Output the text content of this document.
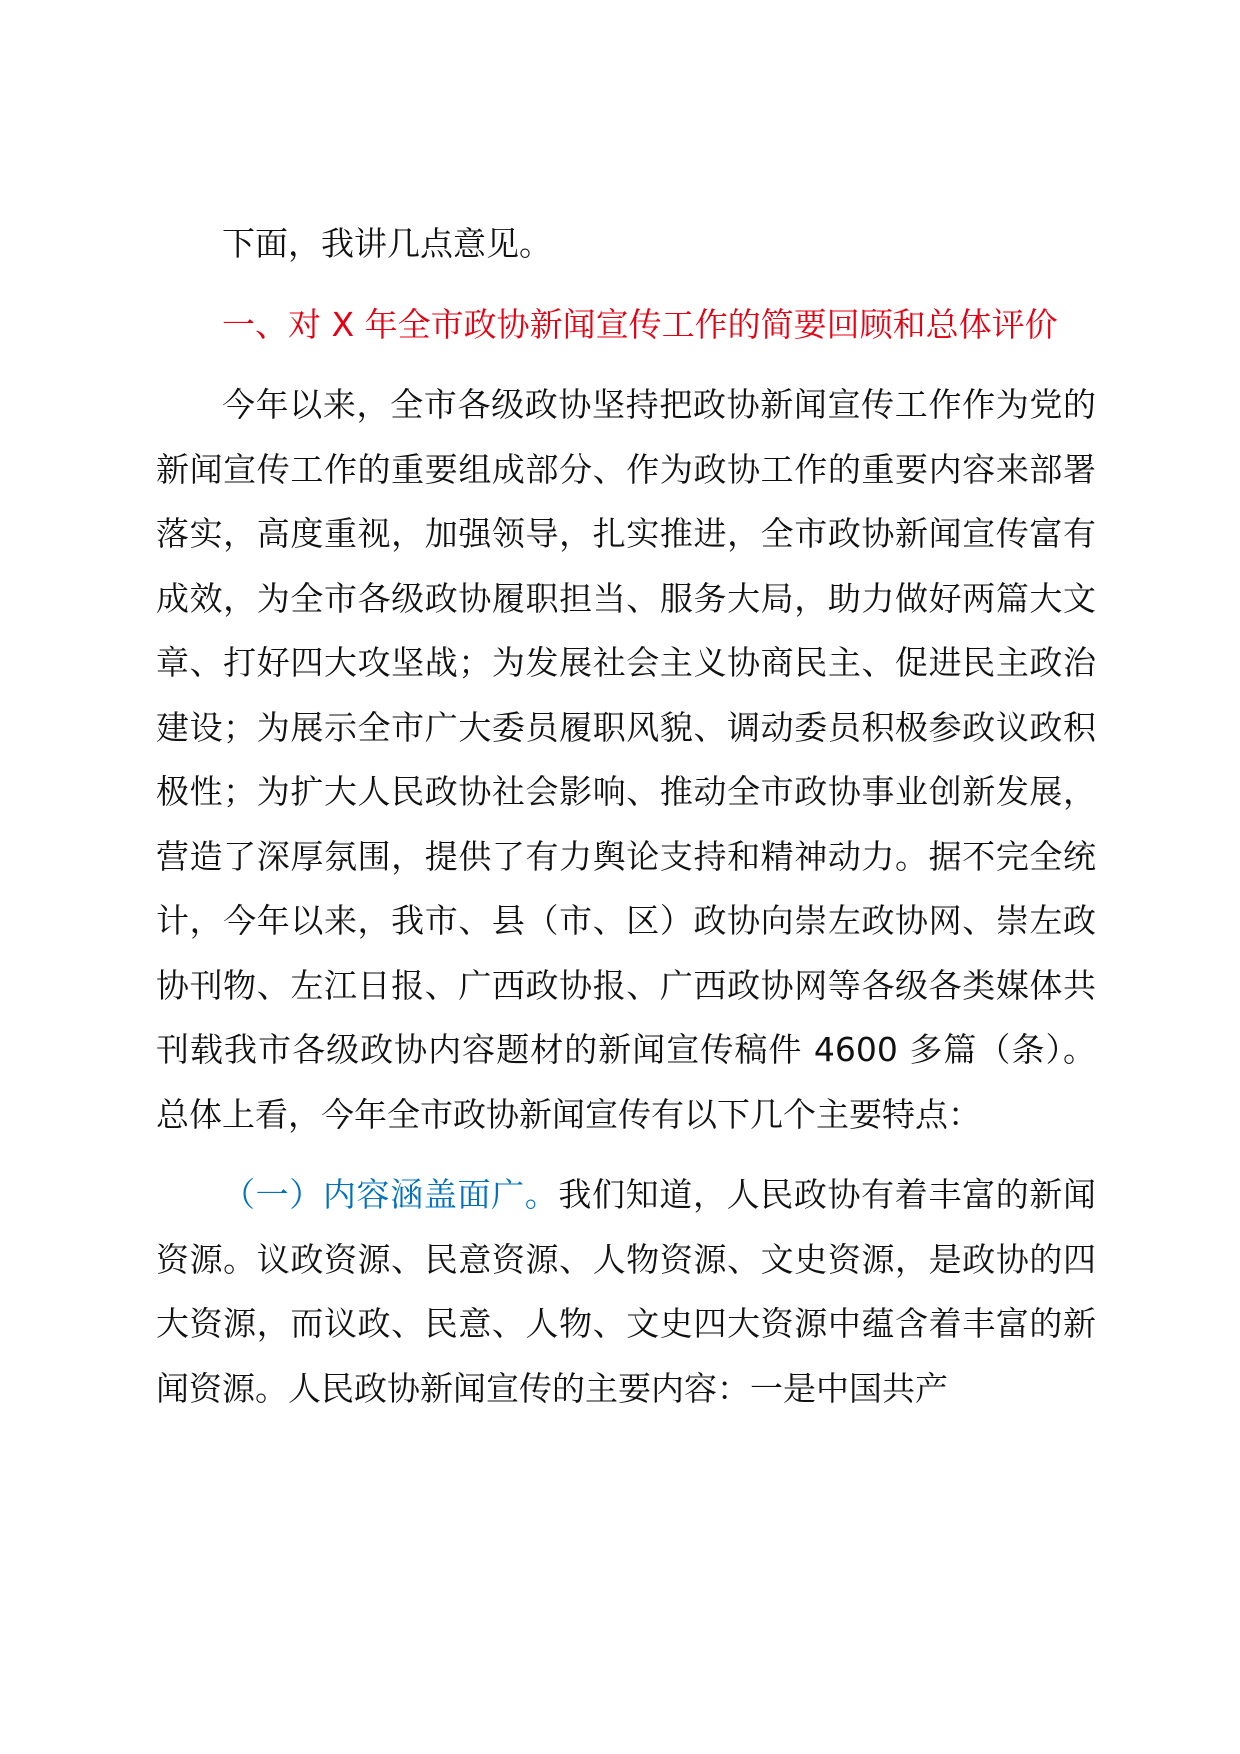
下面，我讲几点意见。

一、对 X 年全市政协新闻宣传工作的简要回顾和总体评价

今年以来，全市各级政协坚持把政协新闻宣传工作作为党的新闻宣传工作的重要组成部分、作为政协工作的重要内容来部署落实，高度重视，加强领导，扎实推进，全市政协新闻宣传富有成效，为全市各级政协履职担当、服务大局，助力做好两篇大文章、打好四大攻坚战；为发展社会主义协商民主、促进民主政治建设；为展示全市广大委员履职风貌、调动委员积极参政议政积极性；为扩大人民政协社会影响、推动全市政协事业创新发展，营造了深厚氛围，提供了有力舆论支持和精神动力。据不完全统计，今年以来，我市、县（市、区）政协向崇左政协网、崇左政协刊物、左江日报、广西政协报、广西政协网等各级各类媒体共刊载我市各级政协内容题材的新闻宣传稿件 4600 多篇（条）。总体上看，今年全市政协新闻宣传有以下几个主要特点：

（一）内容涵盖面广。我们知道，人民政协有着丰富的新闻资源。议政资源、民意资源、人物资源、文史资源，是政协的四大资源，而议政、民意、人物、文史四大资源中蕴含着丰富的新闻资源。人民政协新闻宣传的主要内容：一是中国共产
